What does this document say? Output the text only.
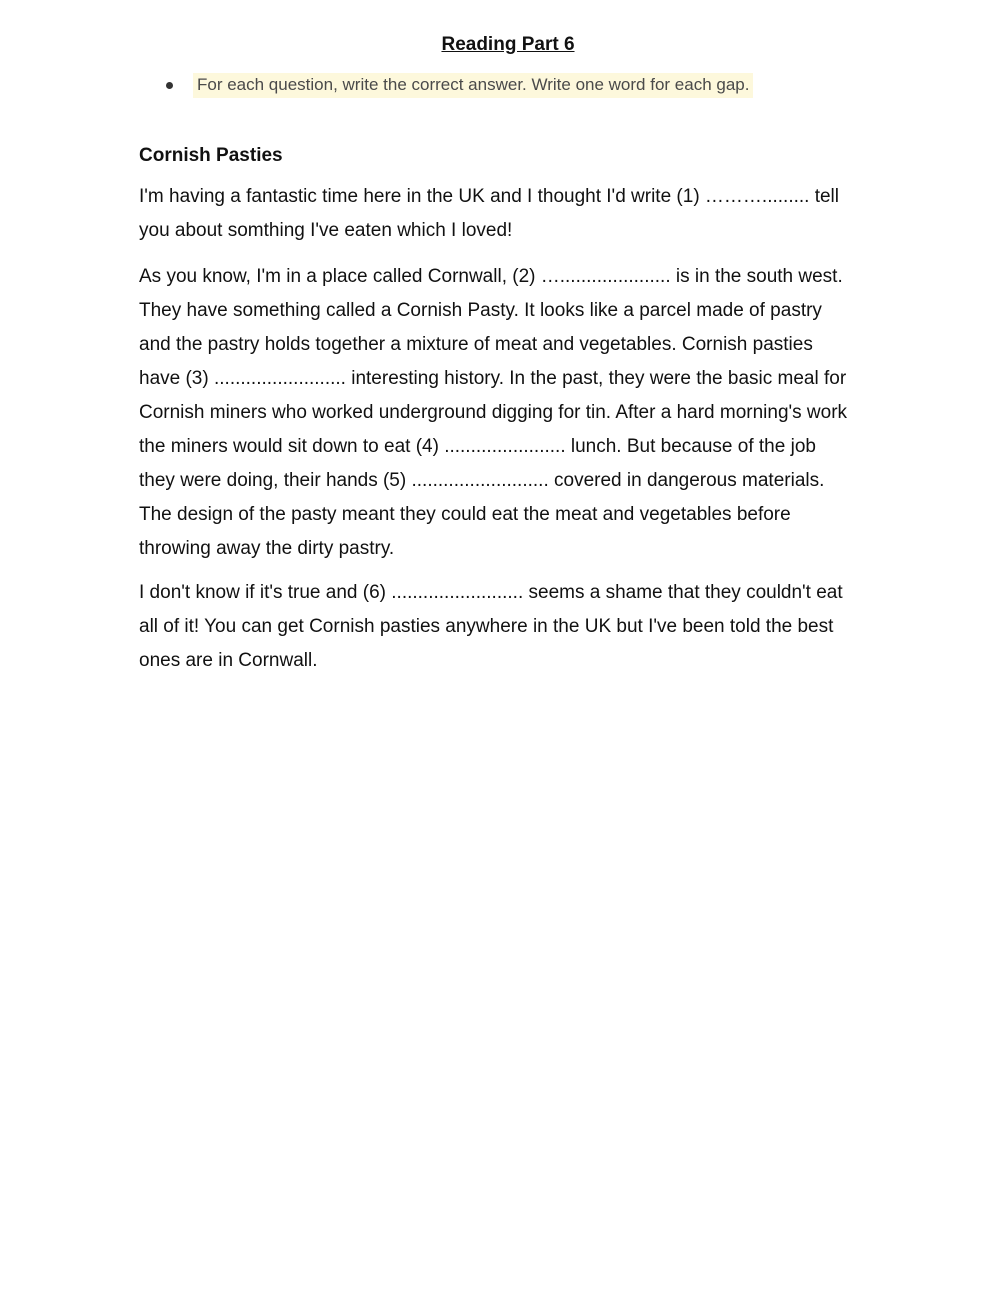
Reading Part 6
For each question, write the correct answer. Write one word for each gap.
Cornish Pasties

I'm having a fantastic time here in the UK and I thought I'd write (1) ………......... tell
you about somthing I've eaten which I loved!

As you know, I'm in a place called Cornwall, (2) …..................... is in the south west.
They have something called a Cornish Pasty. It looks like a parcel made of pastry
and the pastry holds together a mixture of meat and vegetables. Cornish pasties
have (3) ......................... interesting history. In the past, they were the basic meal for
Cornish miners who worked underground digging for tin. After a hard morning's work
the miners would sit down to eat (4) ....................... lunch. But because of the job
they were doing, their hands (5) .......................... covered in dangerous materials.
The design of the pasty meant they could eat the meat and vegetables before
throwing away the dirty pastry.

I don't know if it's true and (6) ......................... seems a shame that they couldn't eat
all of it! You can get Cornish pasties anywhere in the UK but I've been told the best
ones are in Cornwall.
